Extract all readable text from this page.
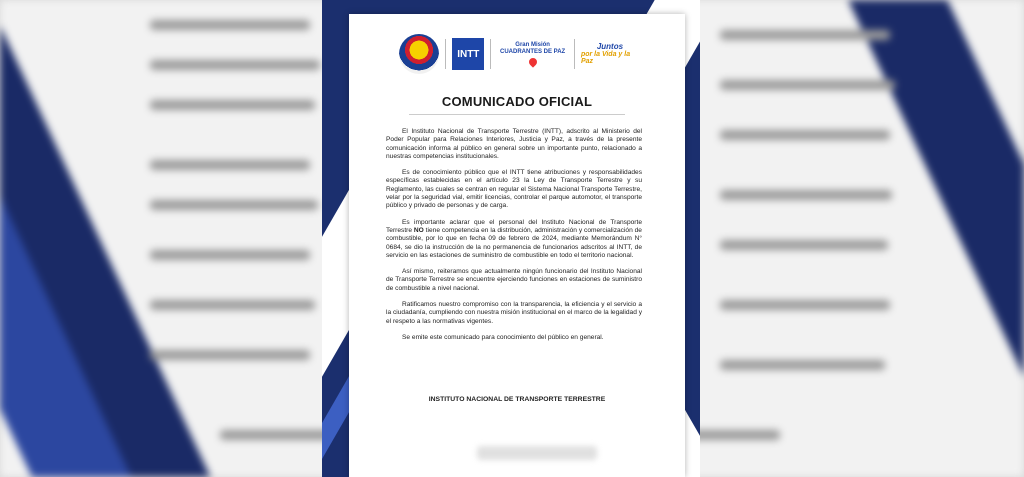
INTT
Gran Misión CUADRANTES DE PAZ
Juntos
por la Vida y la Paz
COMUNICADO OFICIAL

El Instituto Nacional de Transporte Terrestre (INTT), adscrito al Ministerio del Poder Popular para Relaciones Interiores, Justicia y Paz, a través de la presente comunicación informa al público en general sobre un importante punto, relacionado a nuestras competencias institucionales.

Es de conocimiento público que el INTT tiene atribuciones y responsabilidades específicas establecidas en el artículo 23 la Ley de Transporte Terrestre y su Reglamento, las cuales se centran en regular el Sistema Nacional Transporte Terrestre, velar por la seguridad vial, emitir licencias, controlar el parque automotor, el transporte público y privado de personas y de carga.

Es importante aclarar que el personal del Instituto Nacional de Transporte Terrestre NO tiene competencia en la distribución, administración y comercialización de combustible, por lo que en fecha 09 de febrero de 2024, mediante Memorándum N° 0684, se dio la instrucción de la no permanencia de funcionarios adscritos al INTT, de servicio en las estaciones de suministro de combustible en todo el territorio nacional.

Así mismo, reiteramos que actualmente ningún funcionario del Instituto Nacional de Transporte Terrestre se encuentre ejerciendo funciones en estaciones de suministro de combustible a nivel nacional.

Ratificamos nuestro compromiso con la transparencia, la eficiencia y el servicio a la ciudadanía, cumpliendo con nuestra misión institucional en el marco de la legalidad y el respeto a las normativas vigentes.

Se emite este comunicado para conocimiento del público en general.

INSTITUTO NACIONAL DE TRANSPORTE TERRESTRE
